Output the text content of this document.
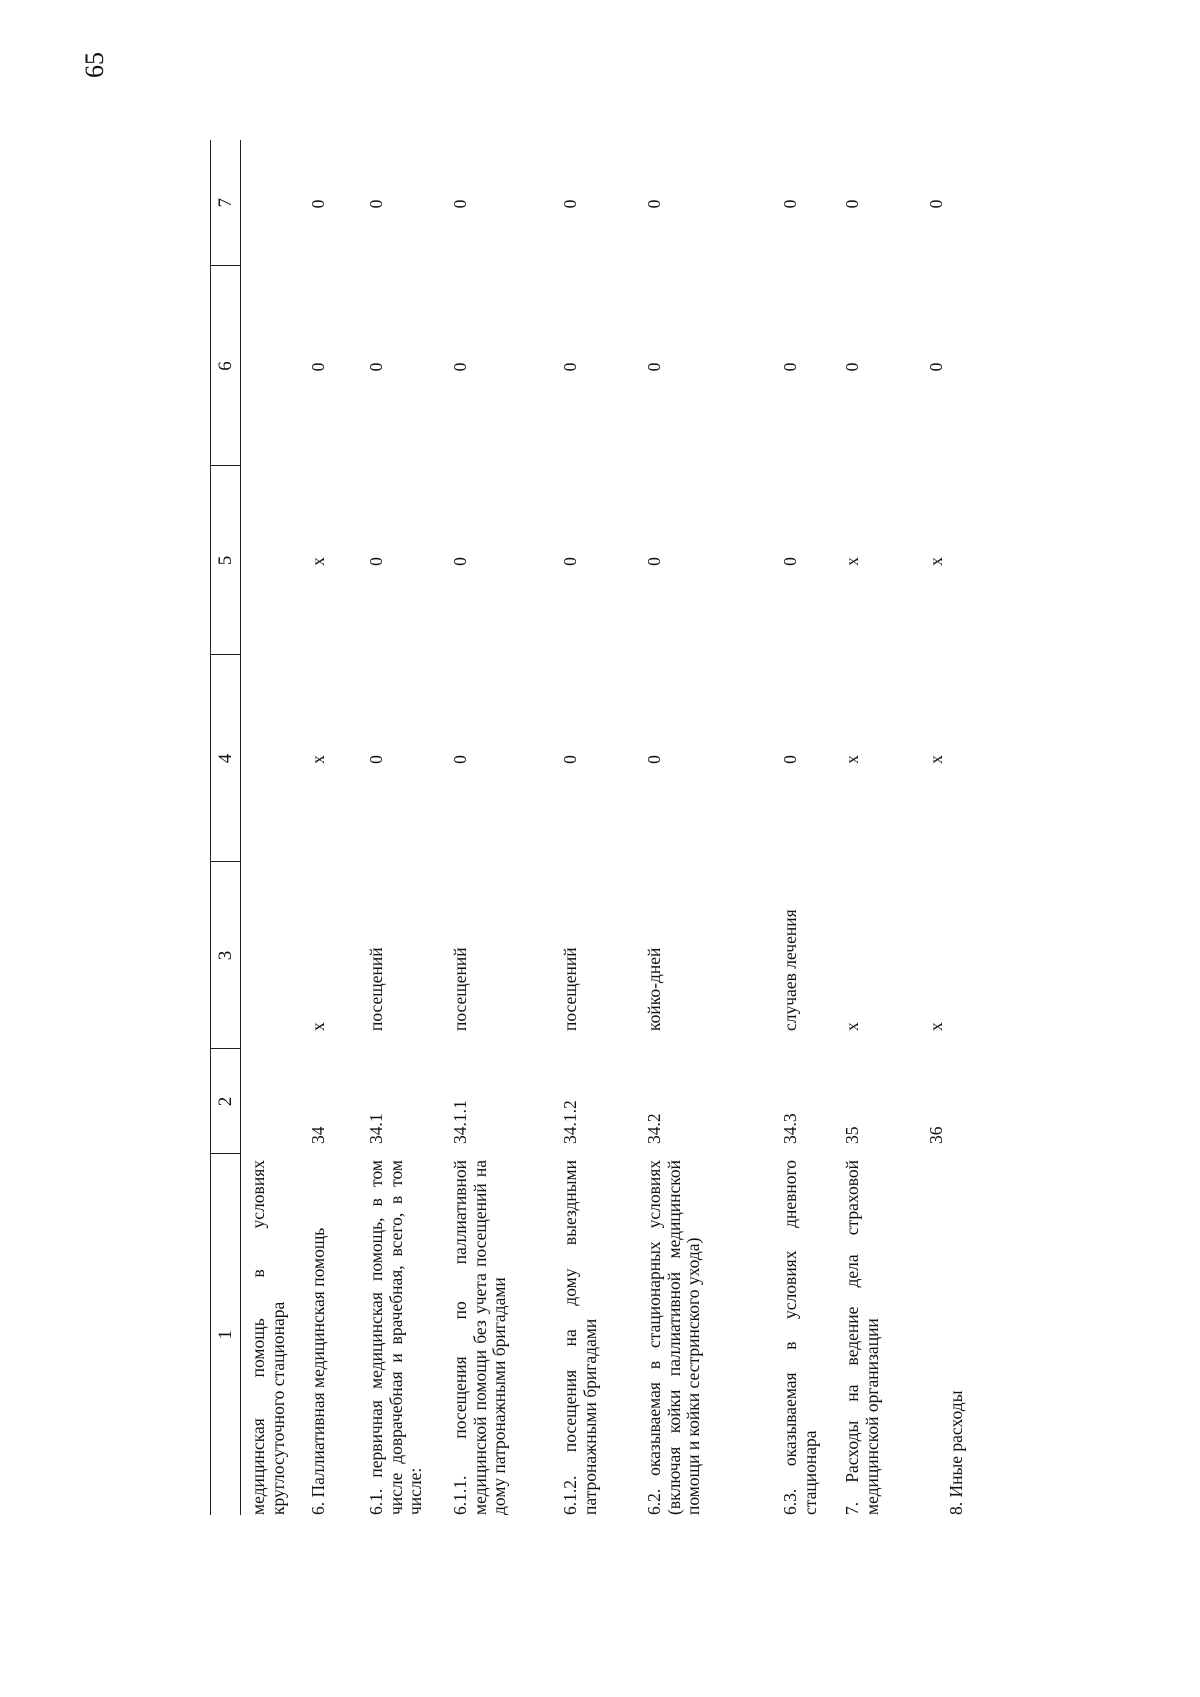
65
1	2	3	4	5	6	7

медицинская помощь в условиях круглосуточного стационара						
6. Паллиативная медицинская помощь	34	x	x	x	0	0
6.1. первичная медицинская помощь, в том числе доврачебная и врачебная, всего, в том числе:	34.1	посещений	0	0	0	0
6.1.1. посещения по паллиативной медицинской помощи без учета посещений на дому патронажными бригадами	34.1.1	посещений	0	0	0	0
6.1.2. посещения на дому выездными патронажными бригадами	34.1.2	посещений	0	0	0	0
6.2. оказываемая в стационарных условиях (включая койки паллиативной медицинской помощи и койки сестринского ухода)	34.2	койко-дней	0	0	0	0
6.3. оказываемая в условиях дневного стационара	34.3	случаев лечения	0	0	0	0
7. Расходы на ведение дела страховой медицинской организации	35	x	x	x	0	0
8. Иные расходы	36	x	x	x	0	0
